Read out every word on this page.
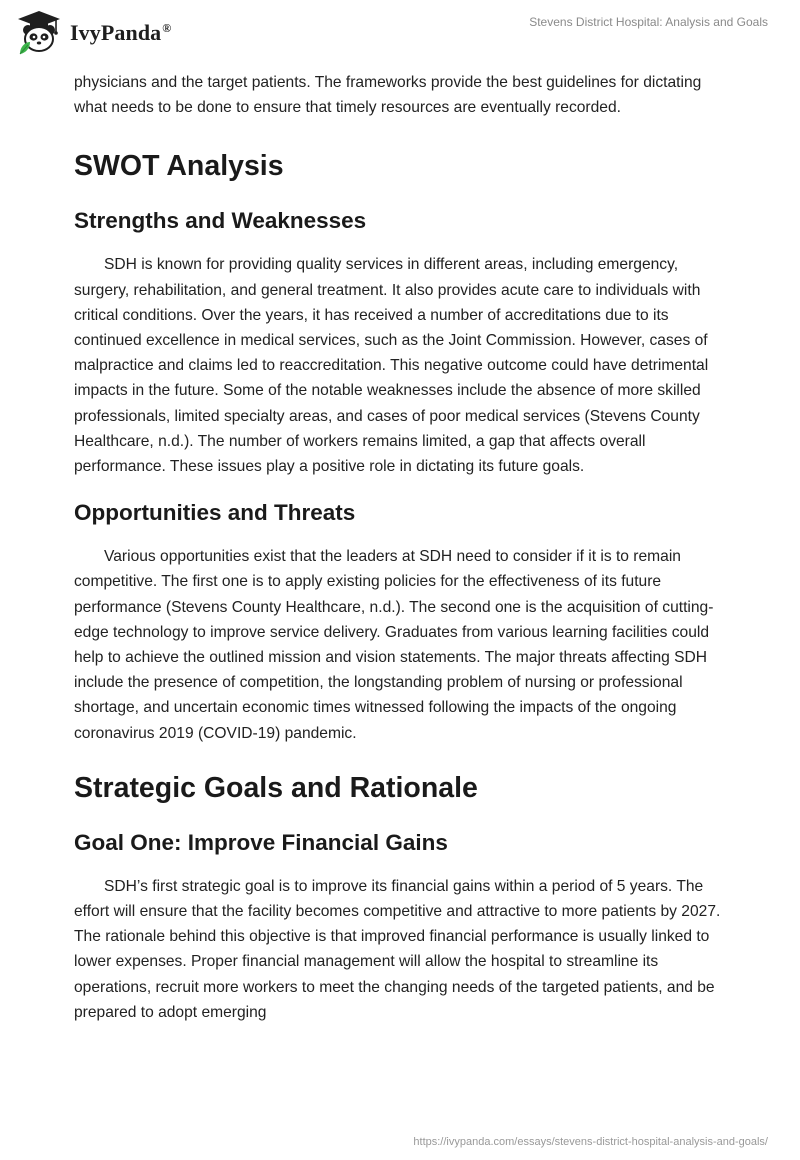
IvyPanda®	Stevens District Hospital: Analysis and Goals

physicians and the target patients. The frameworks provide the best guidelines for dictating what needs to be done to ensure that timely resources are eventually recorded.

SWOT Analysis
Strengths and Weaknesses

SDH is known for providing quality services in different areas, including emergency, surgery, rehabilitation, and general treatment. It also provides acute care to individuals with critical conditions. Over the years, it has received a number of accreditations due to its continued excellence in medical services, such as the Joint Commission. However, cases of malpractice and claims led to reaccreditation. This negative outcome could have detrimental impacts in the future. Some of the notable weaknesses include the absence of more skilled professionals, limited specialty areas, and cases of poor medical services (Stevens County Healthcare, n.d.). The number of workers remains limited, a gap that affects overall performance. These issues play a positive role in dictating its future goals.

Opportunities and Threats

Various opportunities exist that the leaders at SDH need to consider if it is to remain competitive. The first one is to apply existing policies for the effectiveness of its future performance (Stevens County Healthcare, n.d.). The second one is the acquisition of cutting-edge technology to improve service delivery. Graduates from various learning facilities could help to achieve the outlined mission and vision statements. The major threats affecting SDH include the presence of competition, the longstanding problem of nursing or professional shortage, and uncertain economic times witnessed following the impacts of the ongoing coronavirus 2019 (COVID-19) pandemic.

Strategic Goals and Rationale
Goal One: Improve Financial Gains

SDH’s first strategic goal is to improve its financial gains within a period of 5 years. The effort will ensure that the facility becomes competitive and attractive to more patients by 2027. The rationale behind this objective is that improved financial performance is usually linked to lower expenses. Proper financial management will allow the hospital to streamline its operations, recruit more workers to meet the changing needs of the targeted patients, and be prepared to adopt emerging

https://ivypanda.com/essays/stevens-district-hospital-analysis-and-goals/
